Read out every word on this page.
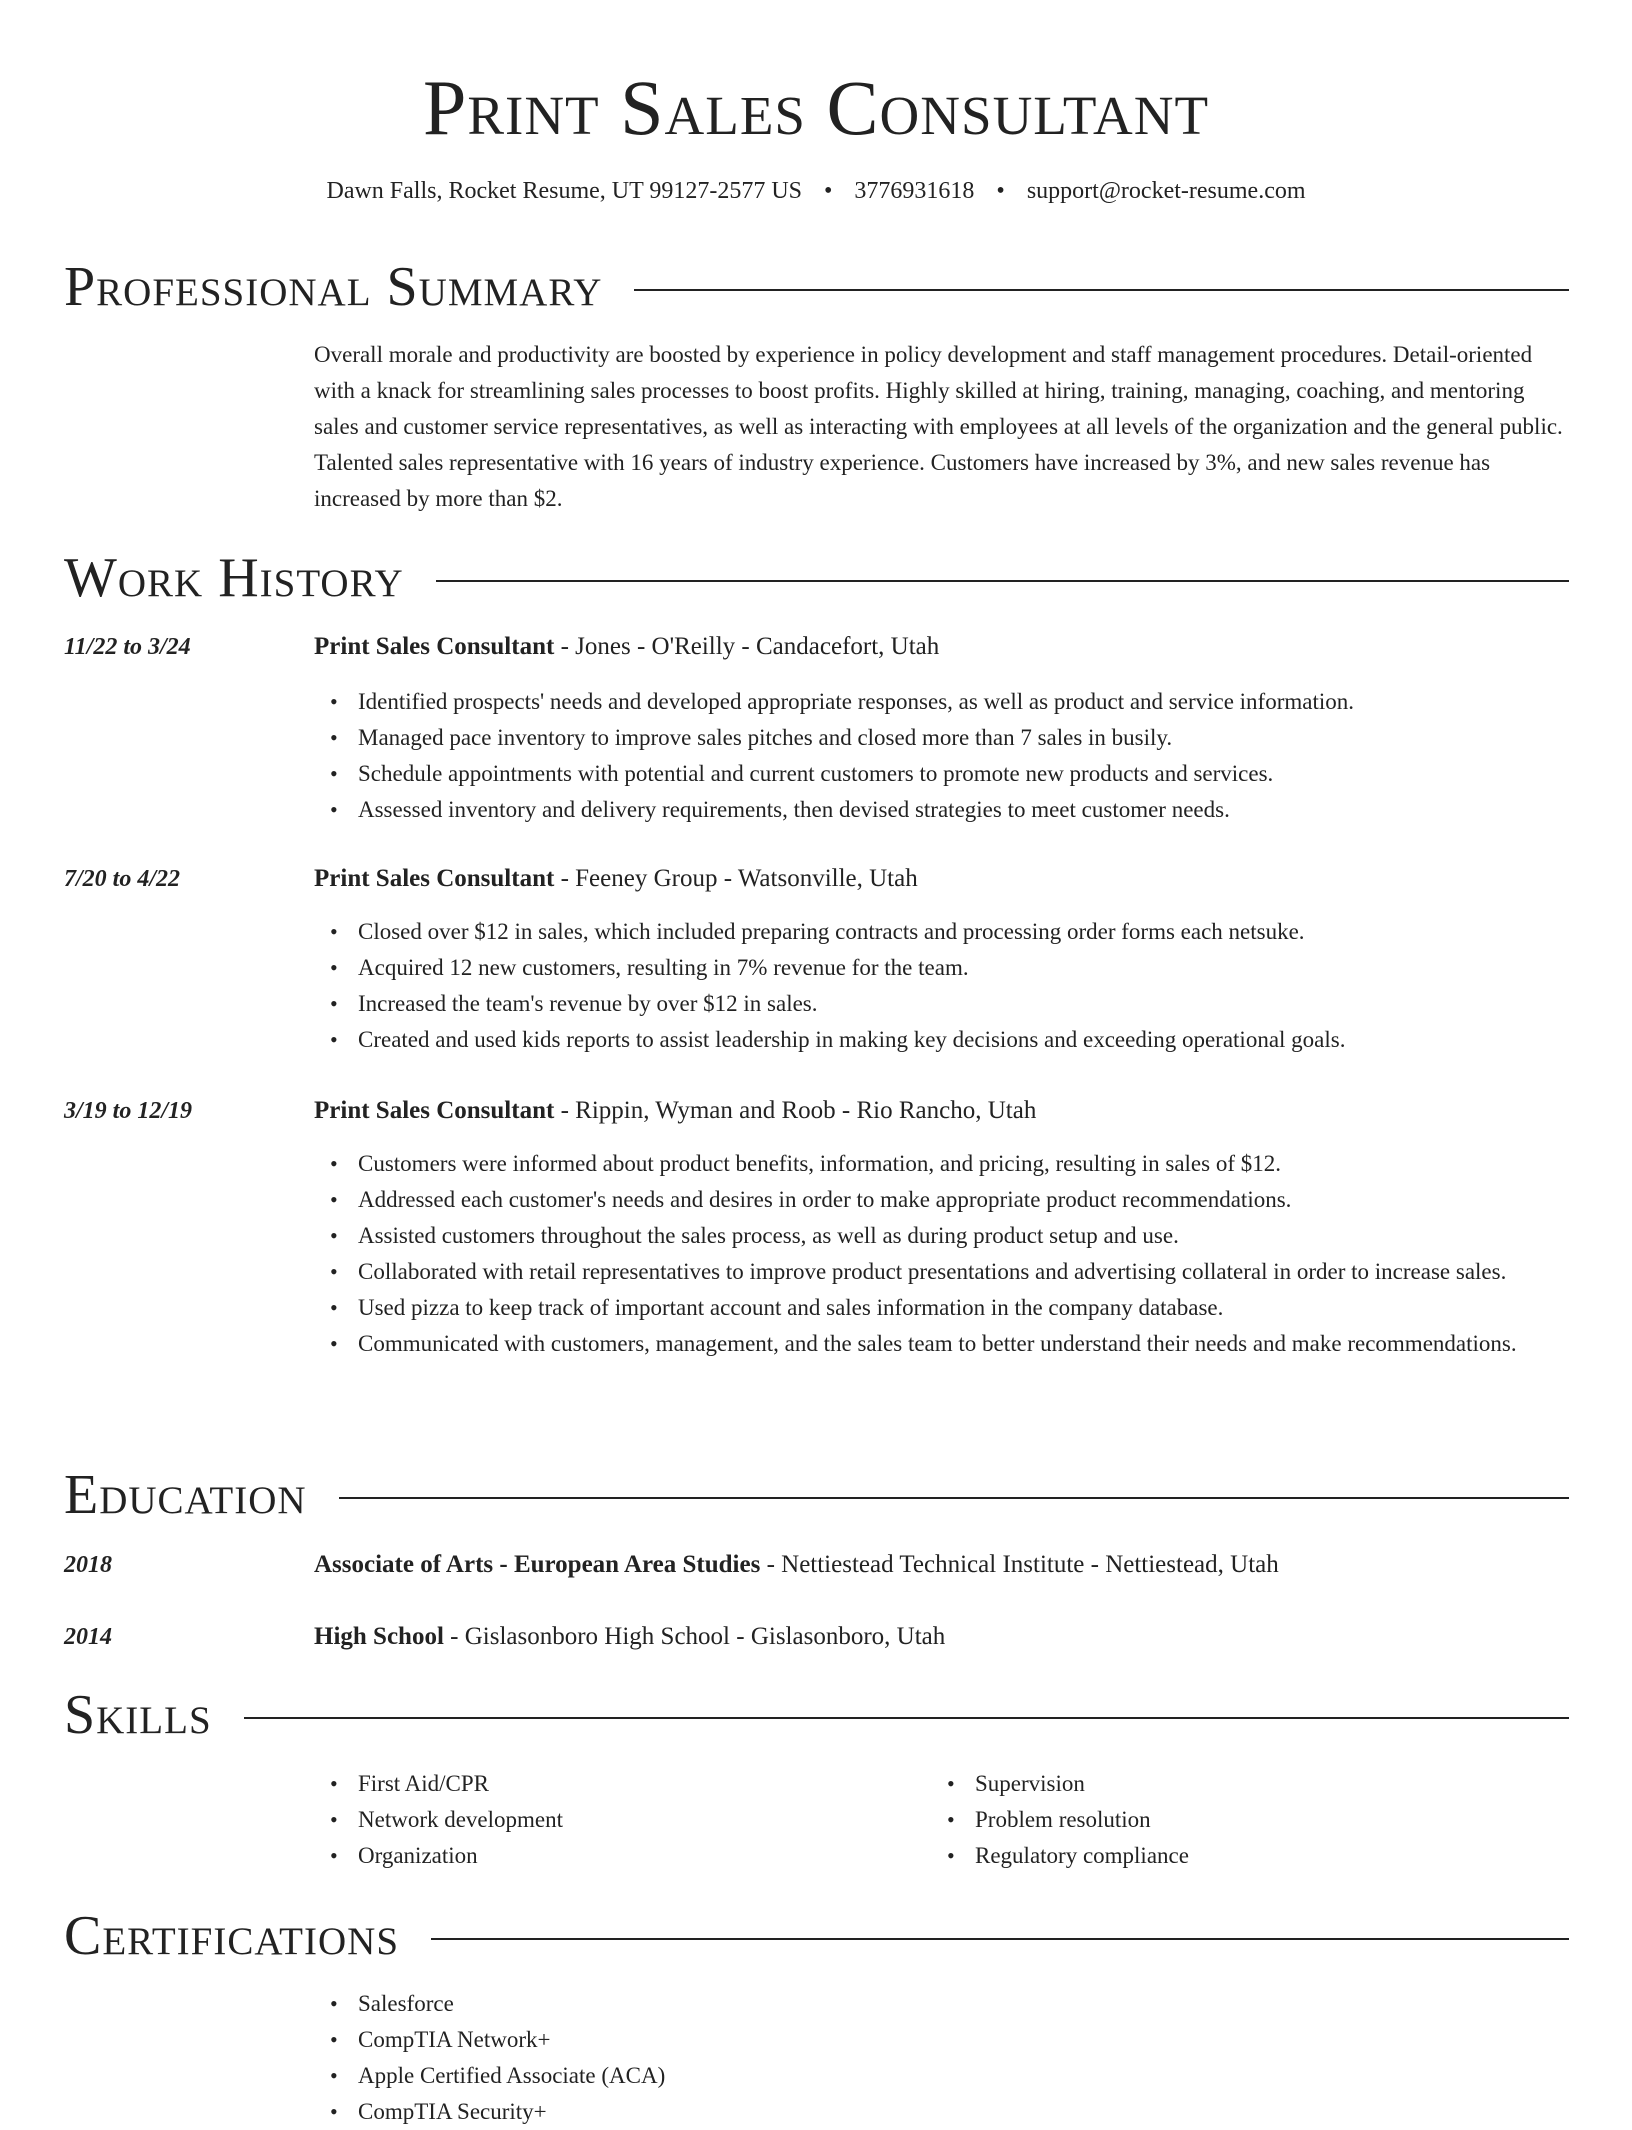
Print Sales Consultant
Dawn Falls, Rocket Resume, UT 99127-2577 US • 3776931618 • support@rocket-resume.com
Professional Summary

Overall morale and productivity are boosted by experience in policy development and staff management procedures. Detail-oriented with a knack for streamlining sales processes to boost profits. Highly skilled at hiring, training, managing, coaching, and mentoring sales and customer service representatives, as well as interacting with employees at all levels of the organization and the general public. Talented sales representative with 16 years of industry experience. Customers have increased by 3%, and new sales revenue has increased by more than $2.

Work History
11/22 to 3/24	Print Sales Consultant - Jones - O'Reilly - Candacefort, Utah
• Identified prospects' needs and developed appropriate responses, as well as product and service information.
• Managed pace inventory to improve sales pitches and closed more than 7 sales in busily.
• Schedule appointments with potential and current customers to promote new products and services.
• Assessed inventory and delivery requirements, then devised strategies to meet customer needs.
7/20 to 4/22	Print Sales Consultant - Feeney Group - Watsonville, Utah
• Closed over $12 in sales, which included preparing contracts and processing order forms each netsuke.
• Acquired 12 new customers, resulting in 7% revenue for the team.
• Increased the team's revenue by over $12 in sales.
• Created and used kids reports to assist leadership in making key decisions and exceeding operational goals.
3/19 to 12/19	Print Sales Consultant - Rippin, Wyman and Roob - Rio Rancho, Utah
• Customers were informed about product benefits, information, and pricing, resulting in sales of $12.
• Addressed each customer's needs and desires in order to make appropriate product recommendations.
• Assisted customers throughout the sales process, as well as during product setup and use.
• Collaborated with retail representatives to improve product presentations and advertising collateral in order to increase sales.
• Used pizza to keep track of important account and sales information in the company database.
• Communicated with customers, management, and the sales team to better understand their needs and make recommendations.
Education
2018	Associate of Arts - European Area Studies - Nettiestead Technical Institute - Nettiestead, Utah
2014	High School - Gislasonboro High School - Gislasonboro, Utah
Skills
• First Aid/CPR
• Network development
• Organization
• Supervision
• Problem resolution
• Regulatory compliance
Certifications
• Salesforce
• CompTIA Network+
• Apple Certified Associate (ACA)
• CompTIA Security+
